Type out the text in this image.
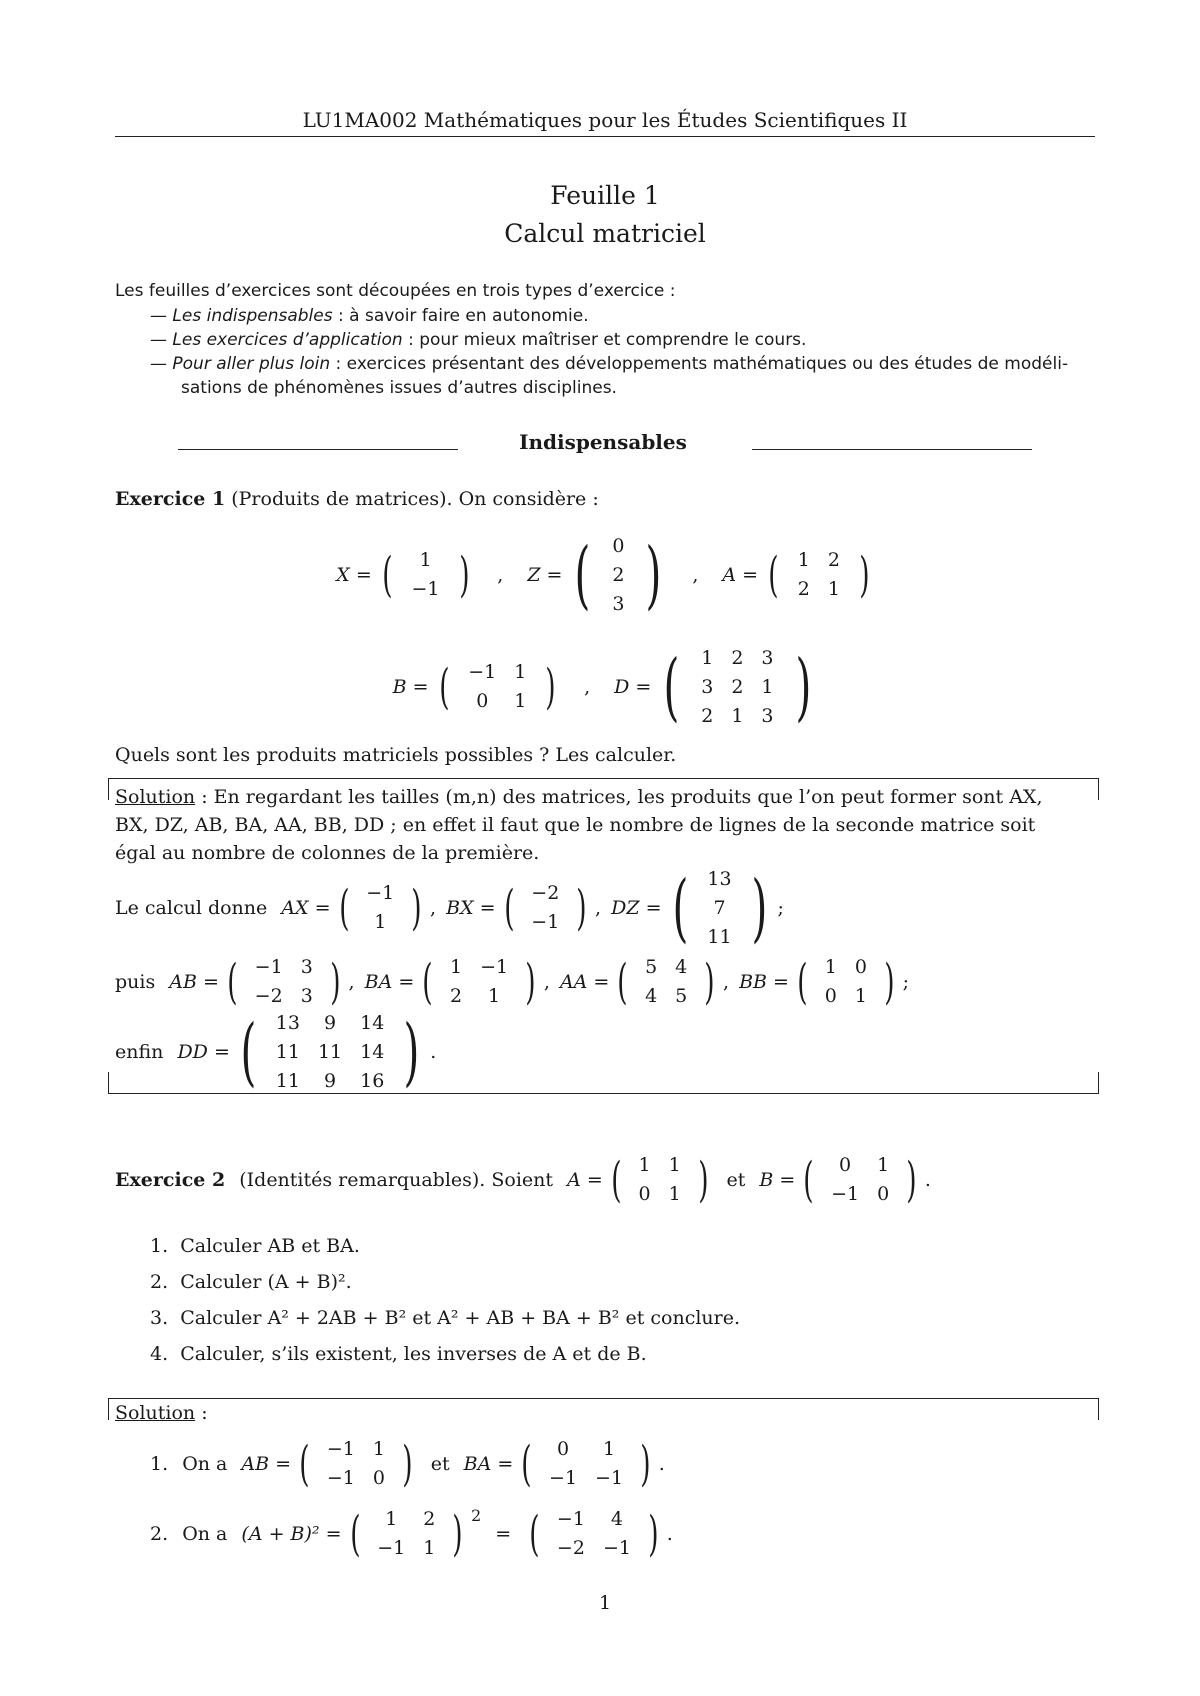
LU1MA002 Mathématiques pour les Études Scientifiques II
Feuille 1
Calcul matriciel
Les feuilles d’exercices sont découpées en trois types d’exercice :
— Les indispensables : à savoir faire en autonomie.
— Les exercices d’application : pour mieux maîtriser et comprendre le cours.
— Pour aller plus loin : exercices présentant des développements mathématiques ou des études de modéli-
sations de phénomènes issues d’autres disciplines.
Indispensables
Exercice 1 (Produits de matrices). On considère :
X = ( 1
−1 )	,	Z = ( 0
2
3 )	,	A = ( 1	2
2	1 )
B = ( −1	1
0	1 )	,	D = ( 1	2	3
3	2	1
2	1	3 )
Quels sont les produits matriciels possibles ? Les calculer.
Solution : En regardant les tailles (m,n) des matrices, les produits que l’on peut former sont AX,
BX, DZ, AB, BA, AA, BB, DD ; en effet il faut que le nombre de lignes de la seconde matrice soit
égal au nombre de colonnes de la première.
Le calcul donne
AX = ( −1
1 ) , BX = ( −2
−1 ) , DZ = ( 13
7
11 ) ;
puis
AB = ( −1	3
−2	3 ) , BA = ( 1	−1
2	1 ) , AA = ( 5	4
4	5 ) , BB = ( 1	0
0	1 ) ;
enfin
DD = ( 13	9	14
11	11	14
11	9	16 ) .
Exercice 2
(Identités remarquables). Soient
A = ( 1	1
0	1 )
et
B = ( 0	1
−1	0 ) .
1. Calculer AB et BA.
2. Calculer (A + B)².
3. Calculer A² + 2AB + B² et A² + AB + BA + B² et conclure.
4. Calculer, s’ils existent, les inverses de A et de B.
Solution :
1.
On a
AB = ( −1	1
−1	0 )
et
BA = ( 0	1
−1	−1 ) .
2.
On a
(A + B)² = ( 1	2
−1	1 ) $^2$

=
( −1	4
−2	−1 ) .
1
